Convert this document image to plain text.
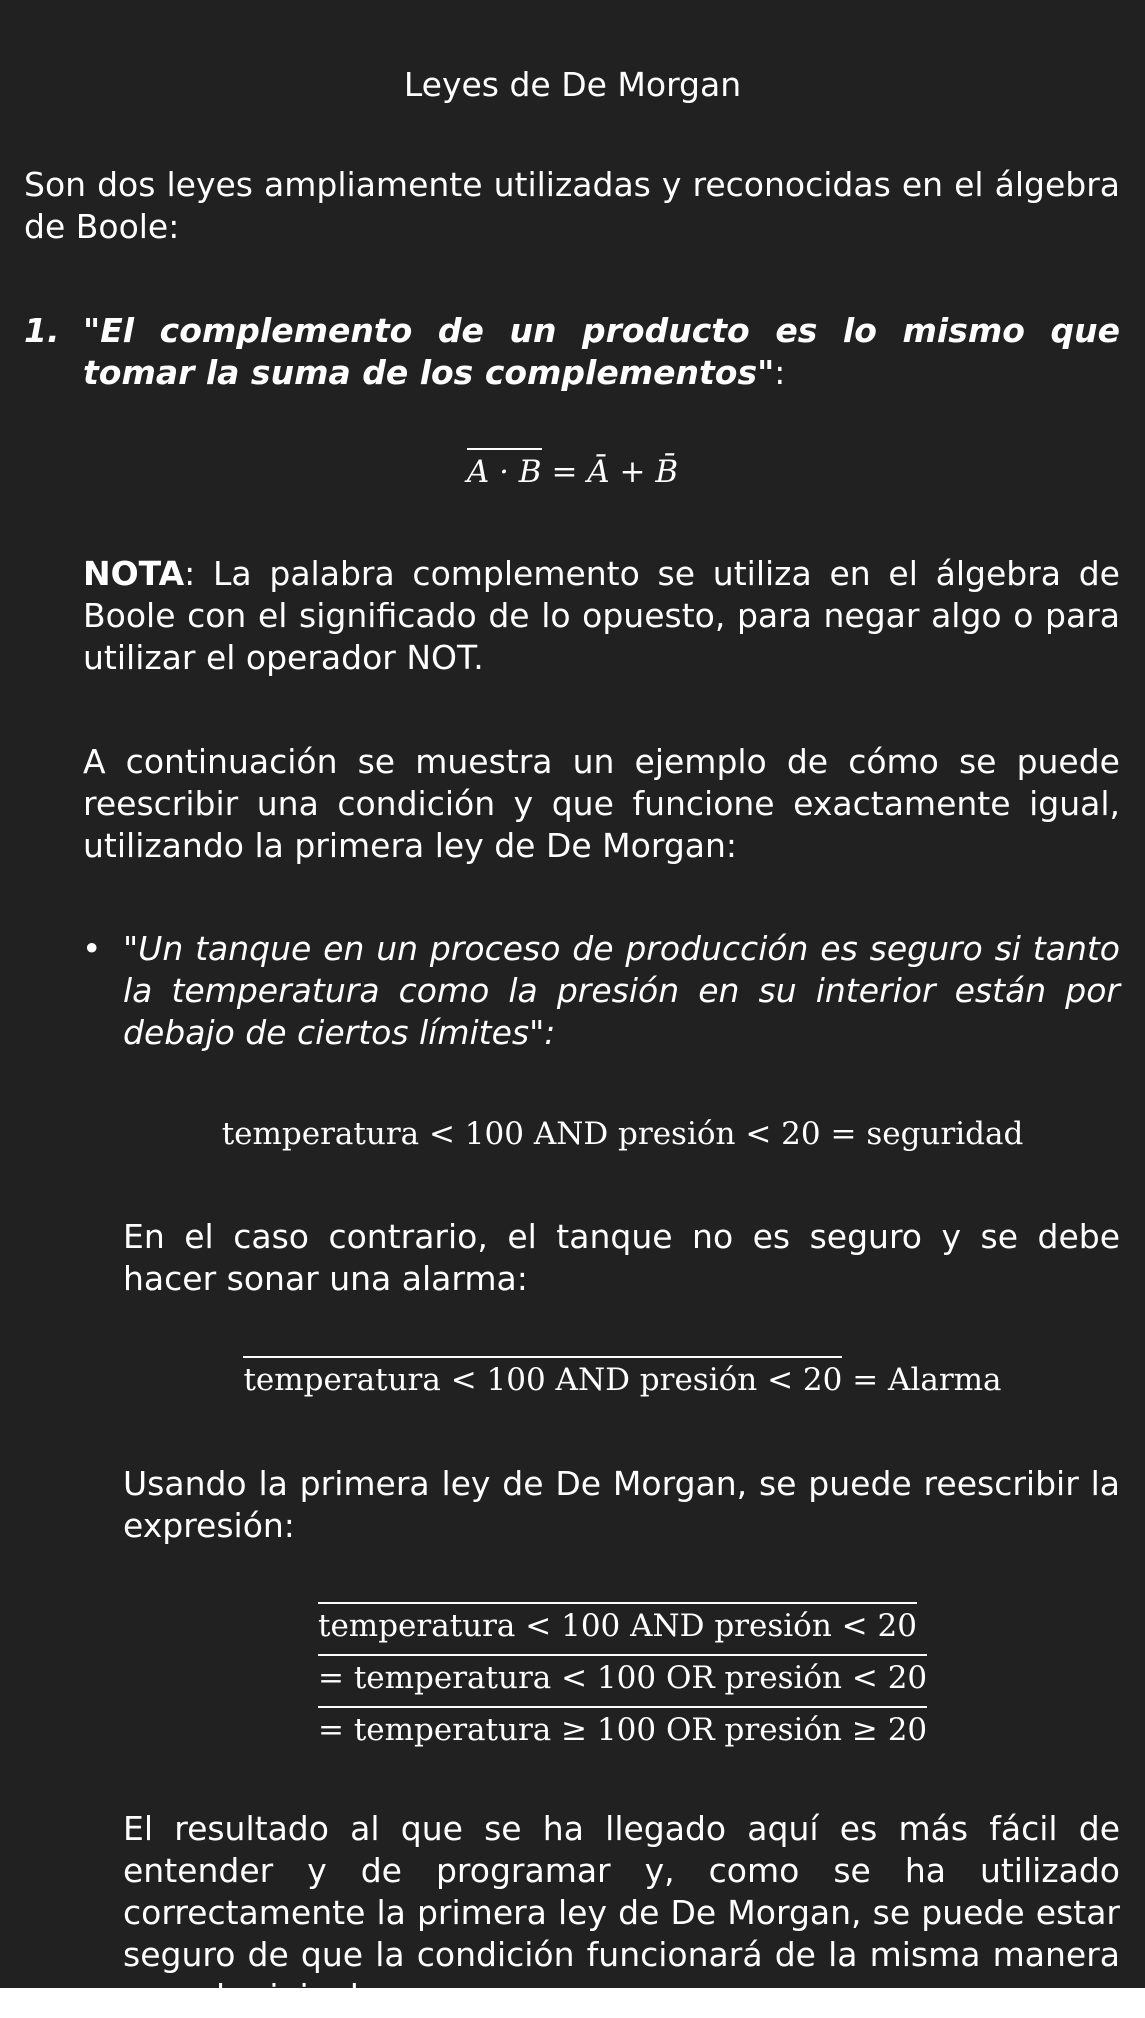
Leyes de De Morgan
Son dos leyes ampliamente utilizadas y reconocidas en el álgebra de Boole:
1. "El complemento de un producto es lo mismo que tomar la suma de los complementos":
A · B = Ā + B̄
NOTA: La palabra complemento se utiliza en el álgebra de Boole con el significado de lo opuesto, para negar algo o para utilizar el operador NOT.
A continuación se muestra un ejemplo de cómo se puede reescribir una condición y que funcione exactamente igual, utilizando la primera ley de De Morgan:
• "Un tanque en un proceso de producción es seguro si tanto la temperatura como la presión en su interior están por debajo de ciertos límites":
temperatura < 100 AND presión < 20 = seguridad
En el caso contrario, el tanque no es seguro y se debe hacer sonar una alarma:
temperatura < 100 AND presión < 20 = Alarma
Usando la primera ley de De Morgan, se puede reescribir la expresión:
temperatura < 100 AND presión < 20
= temperatura < 100 OR presión < 20
= temperatura ≥ 100 OR presión ≥ 20
El resultado al que se ha llegado aquí es más fácil de entender y de programar y, como se ha utilizado correctamente la primera ley de De Morgan, se puede estar seguro de que la condición funcionará de la misma manera que el original.
